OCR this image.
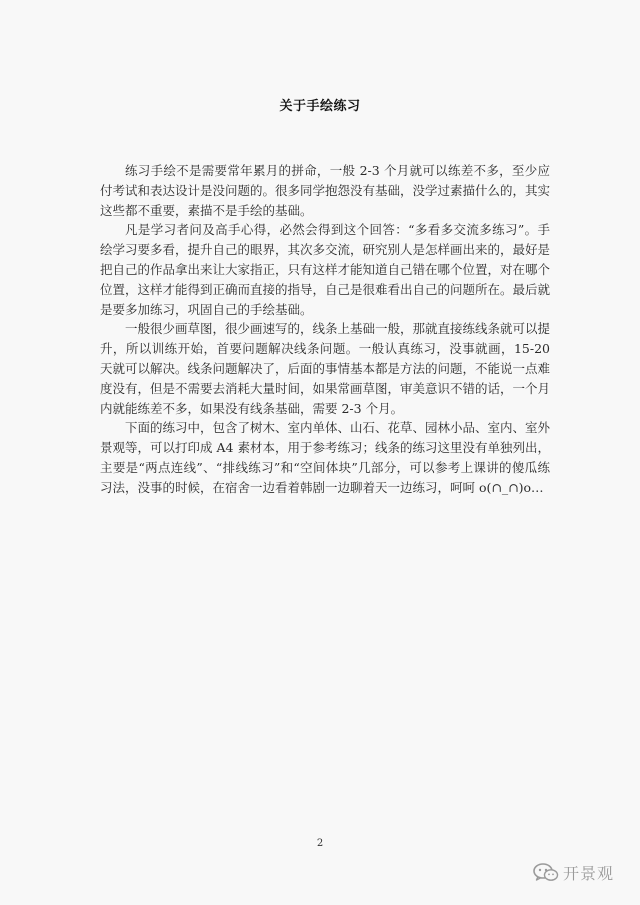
关于手绘练习

练习手绘不是需要常年累月的拼命，一般 2-3 个月就可以练差不多，至少应付考试和表达设计是没问题的。很多同学抱怨没有基础，没学过素描什么的，其实这些都不重要，素描不是手绘的基础。

凡是学习者问及高手心得，必然会得到这个回答：“多看多交流多练习”。手绘学习要多看，提升自己的眼界，其次多交流，研究别人是怎样画出来的，最好是把自己的作品拿出来让大家指正，只有这样才能知道自己错在哪个位置，对在哪个位置，这样才能得到正确而直接的指导，自己是很难看出自己的问题所在。最后就是要多加练习，巩固自己的手绘基础。

一般很少画草图，很少画速写的，线条上基础一般，那就直接练线条就可以提升，所以训练开始，首要问题解决线条问题。一般认真练习，没事就画，15-20 天就可以解决。线条问题解决了，后面的事情基本都是方法的问题，不能说一点难度没有，但是不需要去消耗大量时间，如果常画草图，审美意识不错的话，一个月内就能练差不多，如果没有线条基础，需要 2-3 个月。

下面的练习中，包含了树木、室内单体、山石、花草、园林小品、室内、室外景观等，可以打印成 A4 素材本，用于参考练习；线条的练习这里没有单独列出，主要是“两点连线”、“排线练习”和“空间体块”几部分，可以参考上课讲的傻瓜练习法，没事的时候，在宿舍一边看着韩剧一边聊着天一边练习，呵呵 o(∩_∩)o…

2
开景观
